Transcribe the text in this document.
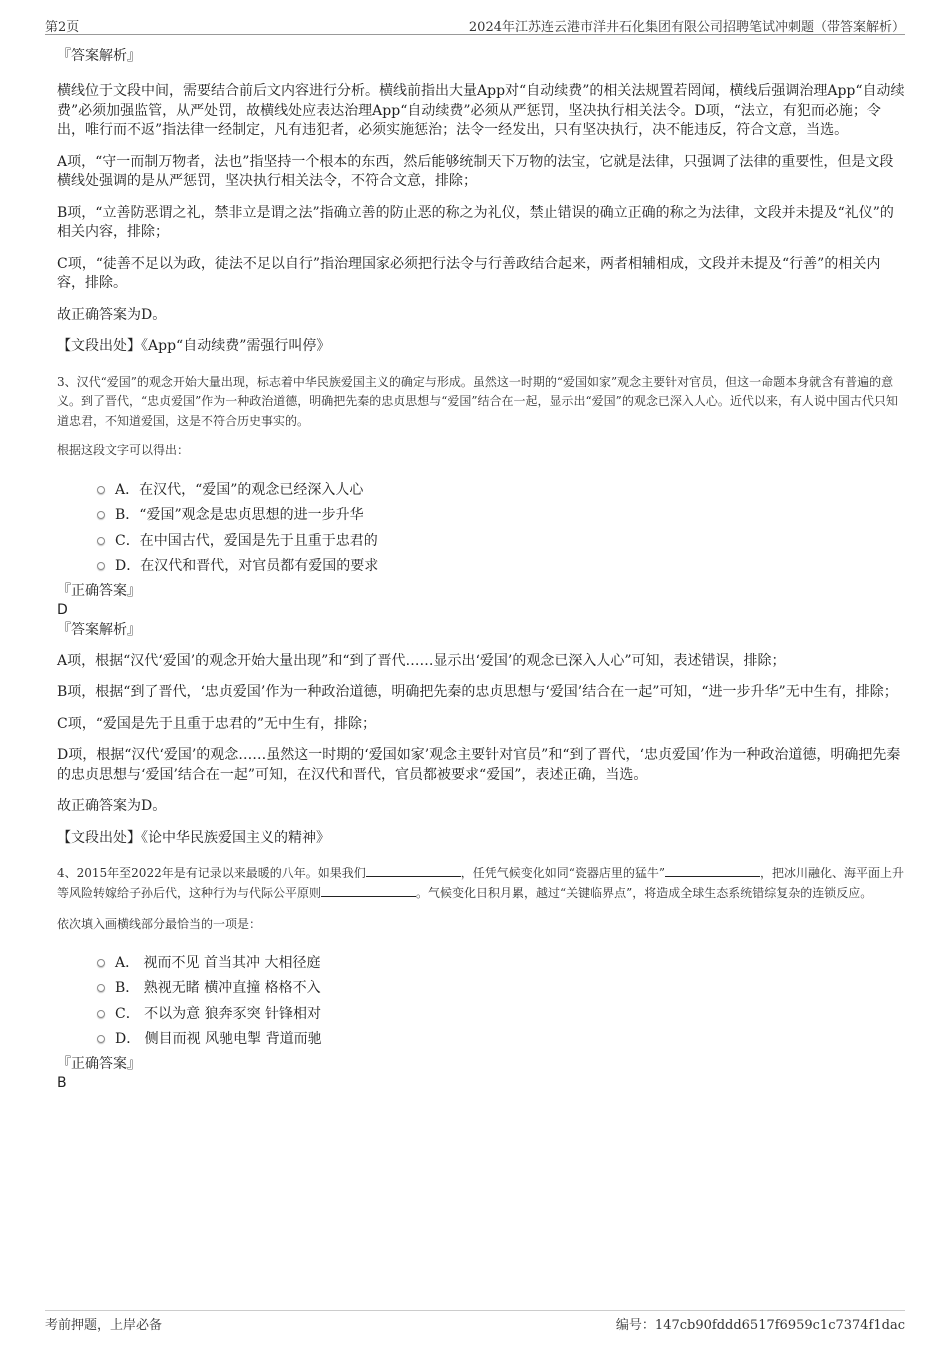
第2页	2024年江苏连云港市洋井石化集团有限公司招聘笔试冲刺题（带答案解析）

『答案解析』

横线位于文段中间，需要结合前后文内容进行分析。横线前指出大量App对“自动续费”的相关法规置若罔闻，横线后强调治理App“自动续费”必须加强监管，从严处罚，故横线处应表达治理App“自动续费”必须从严惩罚，坚决执行相关法令。D项，“法立，有犯而必施；令出，唯行而不返”指法律一经制定，凡有违犯者，必须实施惩治；法令一经发出，只有坚决执行，决不能违反，符合文意，当选。

A项，“守一而制万物者，法也”指坚持一个根本的东西，然后能够统制天下万物的法宝，它就是法律，只强调了法律的重要性，但是文段横线处强调的是从严惩罚，坚决执行相关法令，不符合文意，排除；

B项，“立善防恶谓之礼，禁非立是谓之法”指确立善的防止恶的称之为礼仪，禁止错误的确立正确的称之为法律，文段并未提及“礼仪”的相关内容，排除；

C项，“徒善不足以为政，徒法不足以自行”指治理国家必须把行法令与行善政结合起来，两者相辅相成，文段并未提及“行善”的相关内容，排除。

故正确答案为D。

【文段出处】《App“自动续费”需强行叫停》

3、汉代“爱国”的观念开始大量出现，标志着中华民族爱国主义的确定与形成。虽然这一时期的“爱国如家”观念主要针对官员，但这一命题本身就含有普遍的意义。到了晋代，“忠贞爱国”作为一种政治道德，明确把先秦的忠贞思想与“爱国”结合在一起，显示出“爱国”的观念已深入人心。近代以来，有人说中国古代只知道忠君，不知道爱国，这是不符合历史事实的。

根据这段文字可以得出：

A．在汉代，“爱国”的观念已经深入人心
B．“爱国”观念是忠贞思想的进一步升华
C．在中国古代，爱国是先于且重于忠君的
D．在汉代和晋代，对官员都有爱国的要求

『正确答案』

D

『答案解析』

A项，根据“汉代‘爱国’的观念开始大量出现”和“到了晋代……显示出‘爱国’的观念已深入人心”可知，表述错误，排除；

B项，根据“到了晋代，‘忠贞爱国’作为一种政治道德，明确把先秦的忠贞思想与‘爱国’结合在一起”可知，“进一步升华”无中生有，排除；

C项，“爱国是先于且重于忠君的”无中生有，排除；

D项，根据“汉代‘爱国’的观念……虽然这一时期的‘爱国如家’观念主要针对官员”和“到了晋代，‘忠贞爱国’作为一种政治道德，明确把先秦的忠贞思想与‘爱国’结合在一起”可知，在汉代和晋代，官员都被要求“爱国”，表述正确，当选。

故正确答案为D。

【文段出处】《论中华民族爱国主义的精神》

4、2015年至2022年是有记录以来最暖的八年。如果我们	，任凭气候变化如同“瓷器店里的猛牛”	，把冰川融化、海平面上升等风险转嫁给子孙后代，这种行为与代际公平原则	。气候变化日积月累，越过“关键临界点”，将造成全球生态系统错综复杂的连锁反应。

依次填入画横线部分最恰当的一项是：

A． 视而不见 首当其冲 大相径庭
B． 熟视无睹 横冲直撞 格格不入
C． 不以为意 狼奔豕突 针锋相对
D． 侧目而视 风驰电掣 背道而驰

『正确答案』

B

考前押题，上岸必备	编号：147cb90fddd6517f6959c1c7374f1dac
